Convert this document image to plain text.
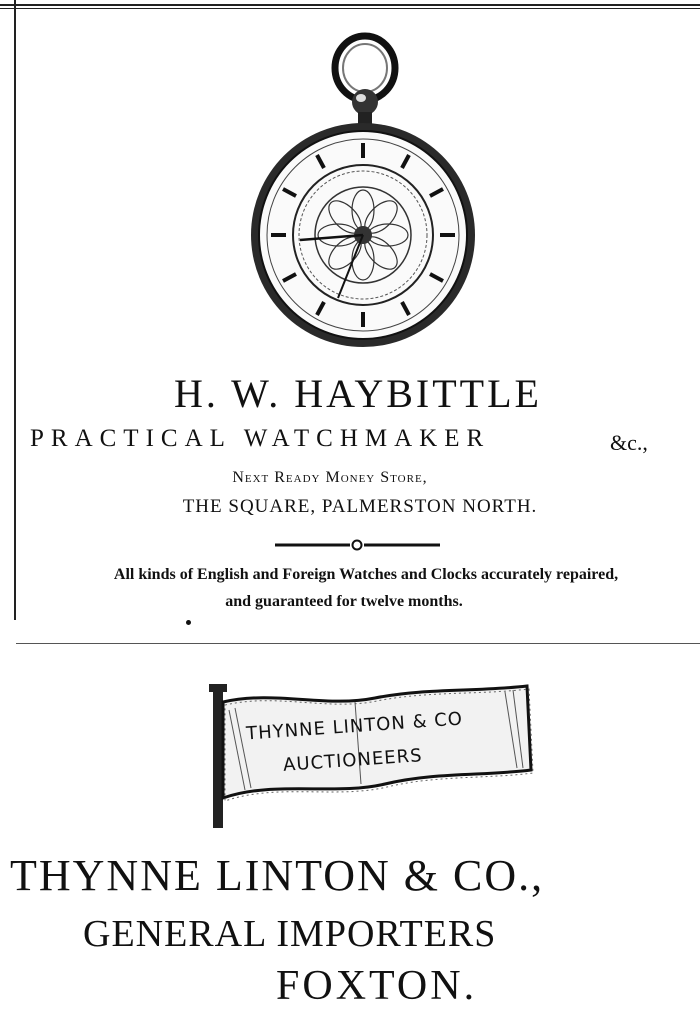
H. W. HAYBITTLE
PRACTICAL WATCHMAKER	&c.,
Next Ready Money Store,
THE SQUARE, PALMERSTON NORTH.
All kinds of English and Foreign Watches and Clocks accurately repaired,
and guaranteed for twelve months.
THYNNE LINTON & CO
AUCTIONEERS
THYNNE LINTON & CO.,
GENERAL IMPORTERS
FOXTON.
